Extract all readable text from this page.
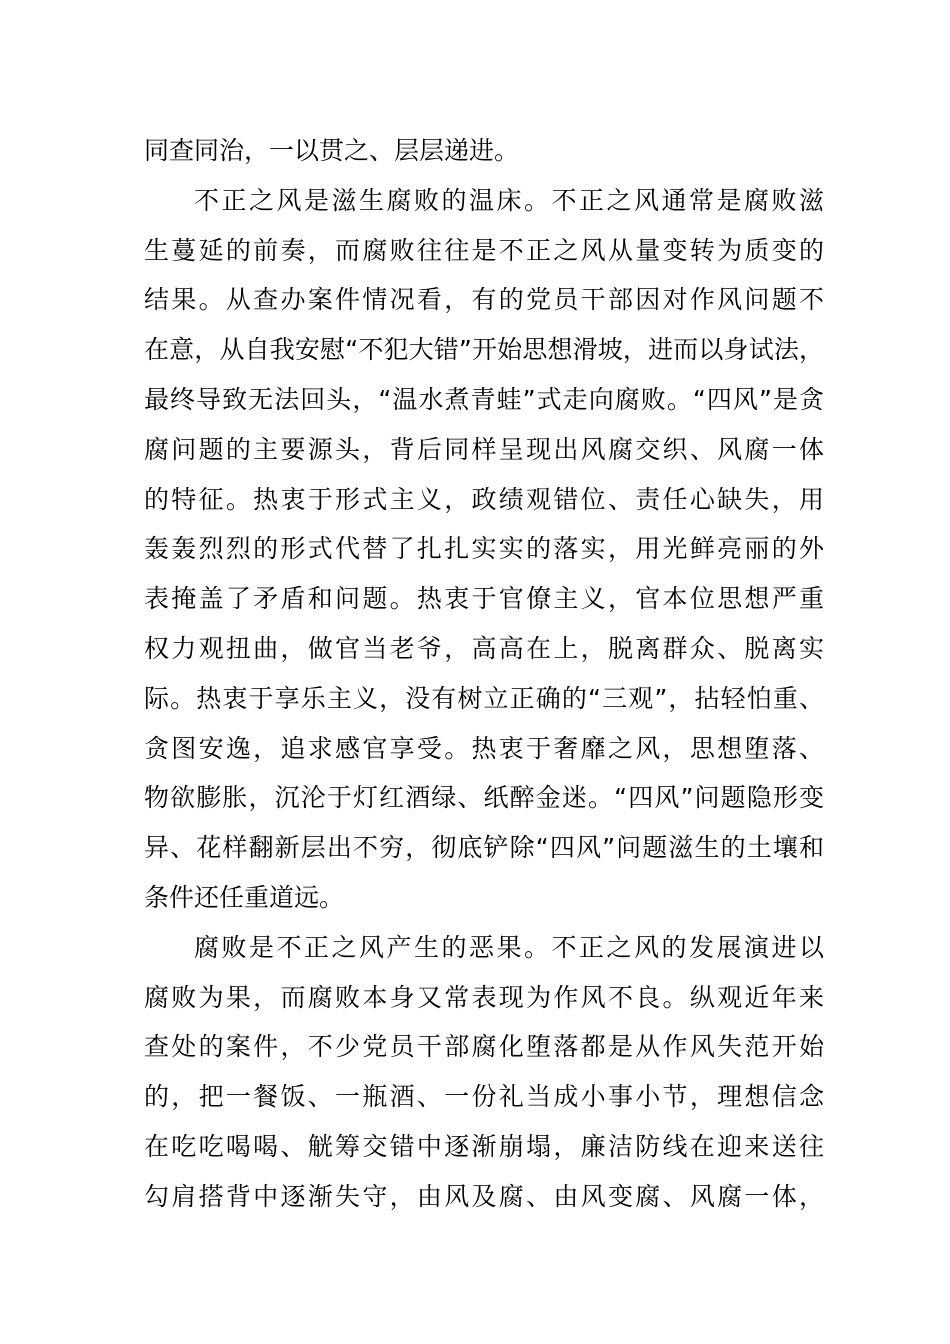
同查同治，一以贯之、层层递进。
不正之风是滋生腐败的温床。不正之风通常是腐败滋
生蔓延的前奏，而腐败往往是不正之风从量变转为质变的
结果。从查办案件情况看，有的党员干部因对作风问题不
在意，从自我安慰“不犯大错”开始思想滑坡，进而以身试法，
最终导致无法回头，“温水煮青蛙”式走向腐败。“四风”是贪
腐问题的主要源头，背后同样呈现出风腐交织、风腐一体
的特征。热衷于形式主义，政绩观错位、责任心缺失，用
轰轰烈烈的形式代替了扎扎实实的落实，用光鲜亮丽的外
表掩盖了矛盾和问题。热衷于官僚主义，官本位思想严重
权力观扭曲，做官当老爷，高高在上，脱离群众、脱离实
际。热衷于享乐主义，没有树立正确的“三观”，拈轻怕重、
贪图安逸，追求感官享受。热衷于奢靡之风，思想堕落、
物欲膨胀，沉沦于灯红酒绿、纸醉金迷。“四风”问题隐形变
异、花样翻新层出不穷，彻底铲除“四风”问题滋生的土壤和
条件还任重道远。
腐败是不正之风产生的恶果。不正之风的发展演进以
腐败为果，而腐败本身又常表现为作风不良。纵观近年来
查处的案件，不少党员干部腐化堕落都是从作风失范开始
的，把一餐饭、一瓶酒、一份礼当成小事小节，理想信念
在吃吃喝喝、觥筹交错中逐渐崩塌，廉洁防线在迎来送往
勾肩搭背中逐渐失守，由风及腐、由风变腐、风腐一体，
